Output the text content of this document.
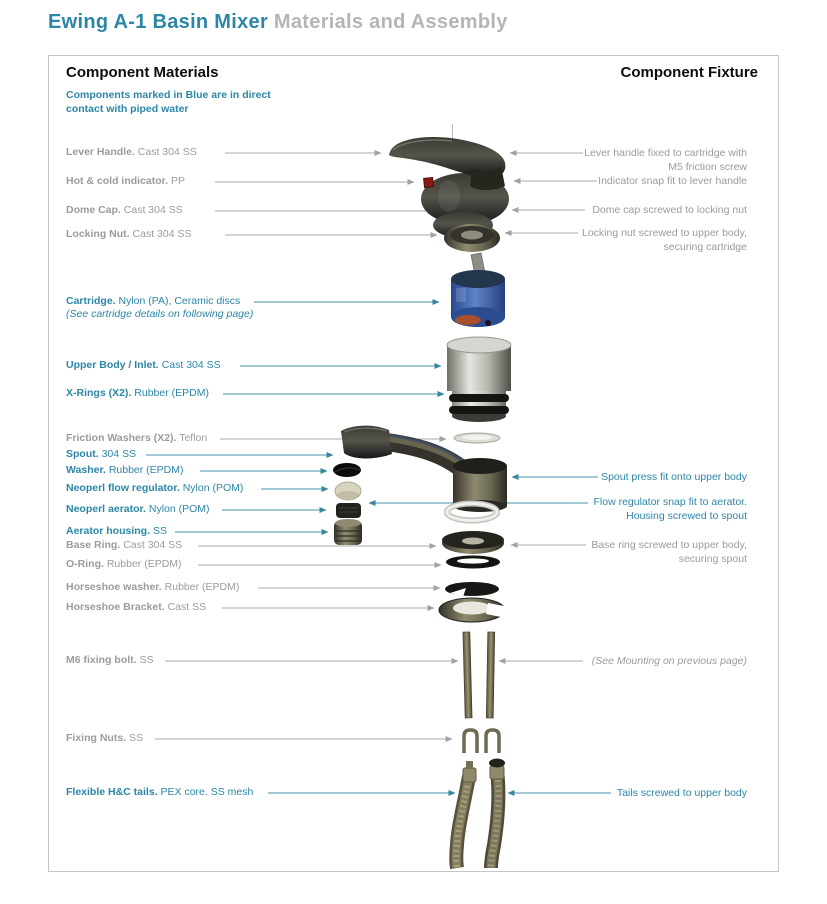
Ewing A-1 Basin Mixer Materials and Assembly
Component Materials	Component Fixture
Components marked in Blue are in direct
contact with piped water
Lever Handle. Cast 304 SS
Hot & cold indicator. PP
Dome Cap. Cast 304 SS
Locking Nut. Cast 304 SS
Cartridge. Nylon (PA), Ceramic discs
(See cartridge details on following page)
Upper Body / Inlet. Cast 304 SS
X-Rings (X2). Rubber (EPDM)
Friction Washers (X2). Teflon
Spout. 304 SS
Washer. Rubber (EPDM)
Neoperl flow regulator. Nylon (POM)
Neoperl aerator. Nylon (POM)
Aerator housing. SS
Base Ring. Cast 304 SS
O-Ring. Rubber (EPDM)
Horseshoe washer. Rubber (EPDM)
Horseshoe Bracket. Cast SS
M6 fixing bolt. SS
Fixing Nuts. SS
Flexible H&C tails. PEX core. SS mesh
Lever handle fixed to cartridge with
M5 friction screw
Indicator snap fit to lever handle
Dome cap screwed to locking nut
Locking nut screwed to upper body,
securing cartridge
Spout press fit onto upper body
Flow regulator snap fit to aerator.
Housing screwed to spout
Base ring screwed to upper body,
securing spout
(See Mounting on previous page)
Tails screwed to upper body
